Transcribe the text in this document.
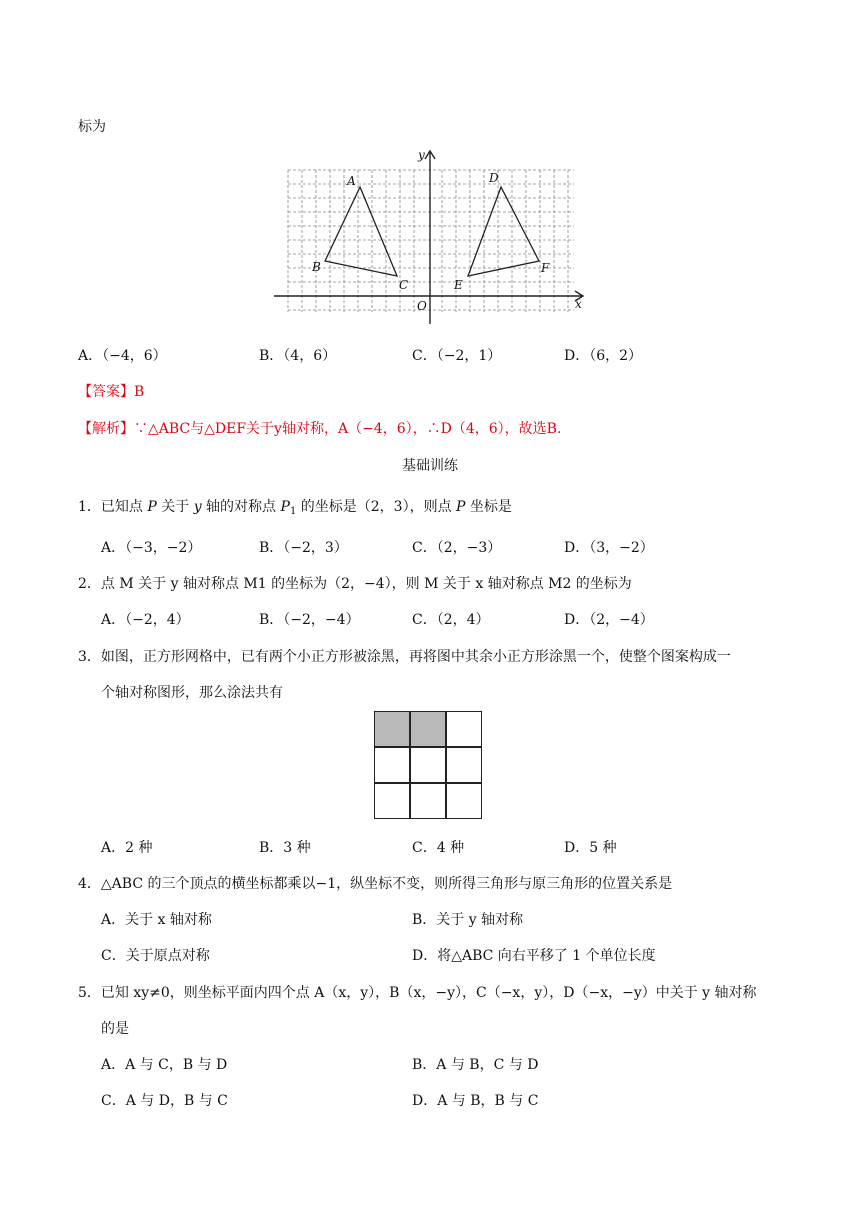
标为
y
x
O
A
B
C
D
E
F
A．（−4，6）	B．（4，6）	C．（−2，1）	D．（6，2）
【答案】B
【解析】∵△ABC与△DEF关于y轴对称，A（−4，6），∴D（4，6），故选B.
基础训练
1．已知点 P 关于 y 轴的对称点 $P_1$ 的坐标是（2，3），则点 P 坐标是
A．（−3，−2）	B．（−2，3）	C．（2，−3）	D．（3，−2）
2．点 M 关于 y 轴对称点 M1 的坐标为（2，−4），则 M 关于 x 轴对称点 M2 的坐标为
A．（−2，4）	B．（−2，−4）	C．（2，4）	D．（2，−4）
3．如图，正方形网格中，已有两个小正方形被涂黑，再将图中其余小正方形涂黑一个，使整个图案构成一
个轴对称图形，那么涂法共有
A．2 种	B．3 种	C．4 种	D．5 种
4．△ABC 的三个顶点的横坐标都乘以−1，纵坐标不变，则所得三角形与原三角形的位置关系是
A．关于 x 轴对称	B．关于 y 轴对称
C．关于原点对称	D．将△ABC 向右平移了 1 个单位长度
5．已知 xy≠0，则坐标平面内四个点 A（x，y），B（x，−y），C（−x，y），D（−x，−y）中关于 y 轴对称
的是
A．A 与 C，B 与 D	B．A 与 B，C 与 D
C．A 与 D，B 与 C	D．A 与 B，B 与 C
